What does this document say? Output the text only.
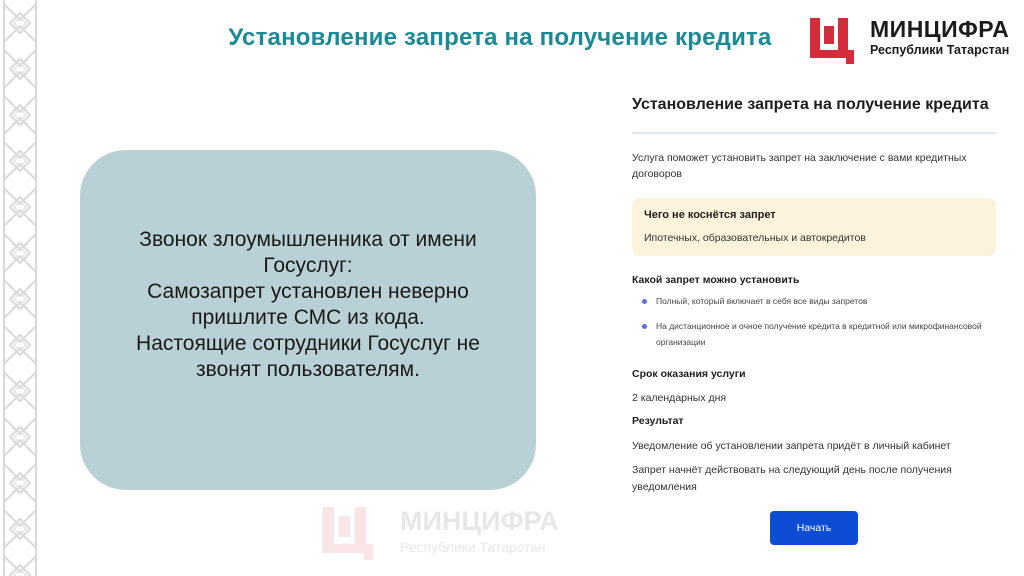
Установление запрета на получение кредита	МИНЦИФРА
Республики Татарстан
Звонок злоумышленника от имени
Госуслуг:
Самозапрет установлен неверно
пришлите СМС из кода.
Настоящие сотрудники Госуслуг не
звонят пользователям.
МИНЦИФРА
Республики Татарстан
Установление запрета на получение кредита
Услуга поможет установить запрет на заключение с вами кредитных договоров
Чего не коснётся запрет
Ипотечных, образовательных и автокредитов
Какой запрет можно установить
Полный, который включает в себя все виды запретов
На дистанционное и очное получение кредита в кредитной или микрофинансовой организации
Срок оказания услуги
2 календарных дня
Результат
Уведомление об установлении запрета придёт в личный кабинет
Запрет начнёт действовать на следующий день после получения уведомления
Начать
